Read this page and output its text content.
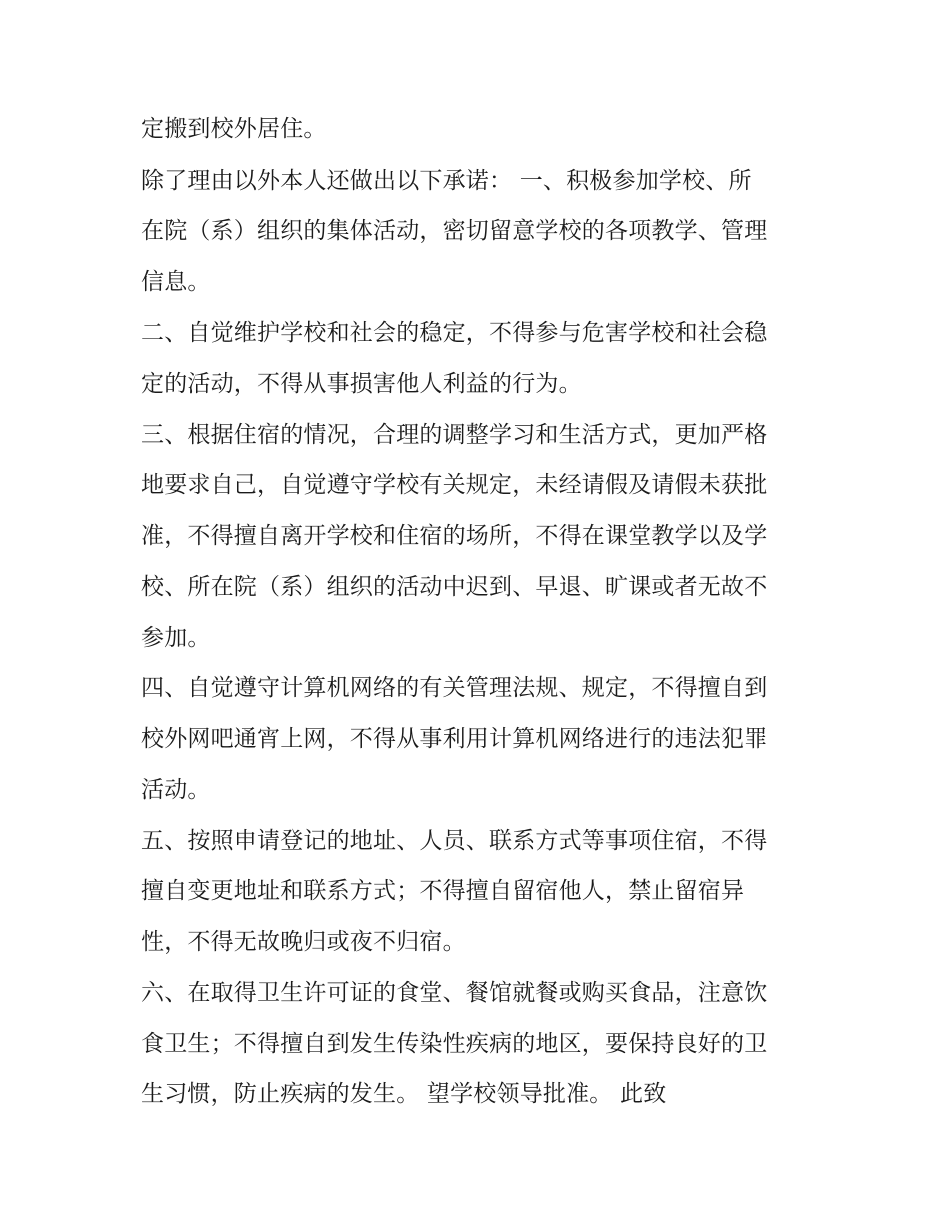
定搬到校外居住。
除了理由以外本人还做出以下承诺： 一、积极参加学校、所
在院（系）组织的集体活动，密切留意学校的各项教学、管理
信息。
二、自觉维护学校和社会的稳定，不得参与危害学校和社会稳
定的活动，不得从事损害他人利益的行为。
三、根据住宿的情况，合理的调整学习和生活方式，更加严格
地要求自己，自觉遵守学校有关规定，未经请假及请假未获批
准，不得擅自离开学校和住宿的场所，不得在课堂教学以及学
校、所在院（系）组织的活动中迟到、早退、旷课或者无故不
参加。
四、自觉遵守计算机网络的有关管理法规、规定，不得擅自到
校外网吧通宵上网，不得从事利用计算机网络进行的违法犯罪
活动。
五、按照申请登记的地址、人员、联系方式等事项住宿，不得
擅自变更地址和联系方式；不得擅自留宿他人，禁止留宿异
性，不得无故晚归或夜不归宿。
六、在取得卫生许可证的食堂、餐馆就餐或购买食品，注意饮
食卫生；不得擅自到发生传染性疾病的地区，要保持良好的卫
生习惯，防止疾病的发生。 望学校领导批准。 此致
